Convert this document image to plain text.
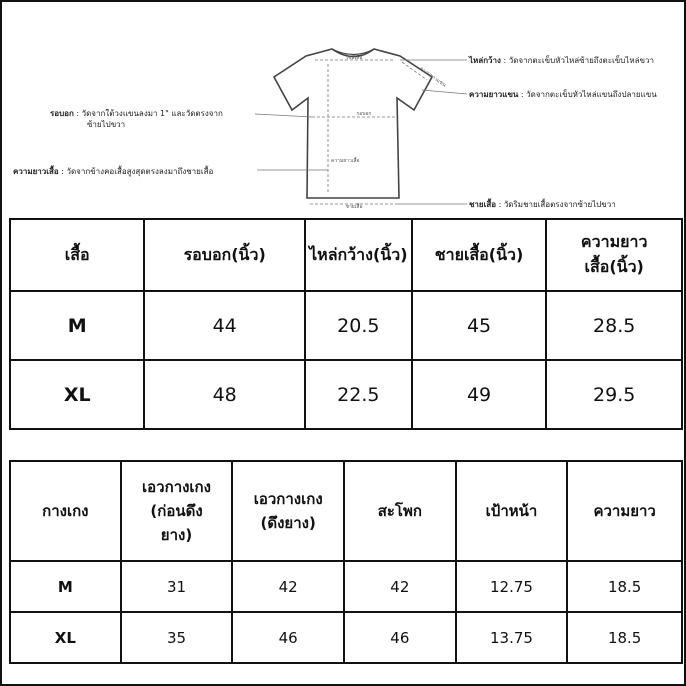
ไซส์เสื้อ
ความยาวแขน
รอบอก
ความยาวเสื้อ
ชายเสื้อ
ไหล่กว้าง : วัดจากตะเข็บหัวไหล่ซ้ายถึงตะเข็บไหล่ขวา
ความยาวแขน : วัดจากตะเข็บหัวไหล่แขนถึงปลายแขน
รอบอก : วัดจากใต้วงแขนลงมา 1" และวัดตรงจาก
ซ้ายไปขวา
ความยาวเสื้อ : วัดจากข้างคอเสื้อสูงสุดตรงลงมาถึงชายเสื้อ
ชายเสื้อ : วัดริมชายเสื้อตรงจากซ้ายไปขวา
เสื้อ	รอบอก(นิ้ว)	ไหล่กว้าง(นิ้ว)	ชายเสื้อ(นิ้ว)	ความยาว
เสื้อ(นิ้ว)
M	44	20.5	45	28.5
XL	48	22.5	49	29.5
กางเกง	เอวกางเกง
(ก่อนดึง
ยาง)	เอวกางเกง
(ดึงยาง)	สะโพก	เป้าหน้า	ความยาว
M	31	42	42	12.75	18.5
XL	35	46	46	13.75	18.5
